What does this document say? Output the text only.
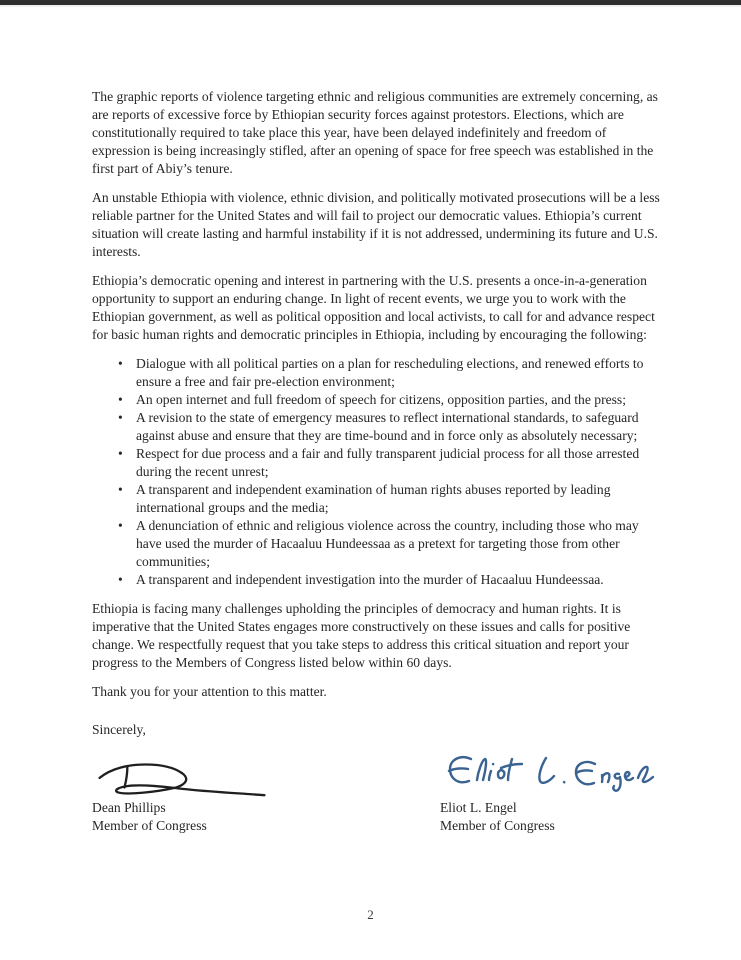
The graphic reports of violence targeting ethnic and religious communities are extremely concerning, as are reports of excessive force by Ethiopian security forces against protestors. Elections, which are constitutionally required to take place this year, have been delayed indefinitely and freedom of expression is being increasingly stifled, after an opening of space for free speech was established in the first part of Abiy’s tenure.

An unstable Ethiopia with violence, ethnic division, and politically motivated prosecutions will be a less reliable partner for the United States and will fail to project our democratic values. Ethiopia’s current situation will create lasting and harmful instability if it is not addressed, undermining its future and U.S. interests.

Ethiopia’s democratic opening and interest in partnering with the U.S. presents a once-in-a-generation opportunity to support an enduring change. In light of recent events, we urge you to work with the Ethiopian government, as well as political opposition and local activists, to call for and advance respect for basic human rights and democratic principles in Ethiopia, including by encouraging the following:

• Dialogue with all political parties on a plan for rescheduling elections, and renewed efforts to ensure a free and fair pre-election environment;
• An open internet and full freedom of speech for citizens, opposition parties, and the press;
• A revision to the state of emergency measures to reflect international standards, to safeguard against abuse and ensure that they are time-bound and in force only as absolutely necessary;
• Respect for due process and a fair and fully transparent judicial process for all those arrested during the recent unrest;
• A transparent and independent examination of human rights abuses reported by leading international groups and the media;
• A denunciation of ethnic and religious violence across the country, including those who may have used the murder of Hacaaluu Hundeessaa as a pretext for targeting those from other communities;
• A transparent and independent investigation into the murder of Hacaaluu Hundeessaa.

Ethiopia is facing many challenges upholding the principles of democracy and human rights. It is imperative that the United States engages more constructively on these issues and calls for positive change. We respectfully request that you take steps to address this critical situation and report your progress to the Members of Congress listed below within 60 days.

Thank you for your attention to this matter.

Sincerely,

Dean Phillips

Member of Congress

Eliot L. Engel

Member of Congress

2
